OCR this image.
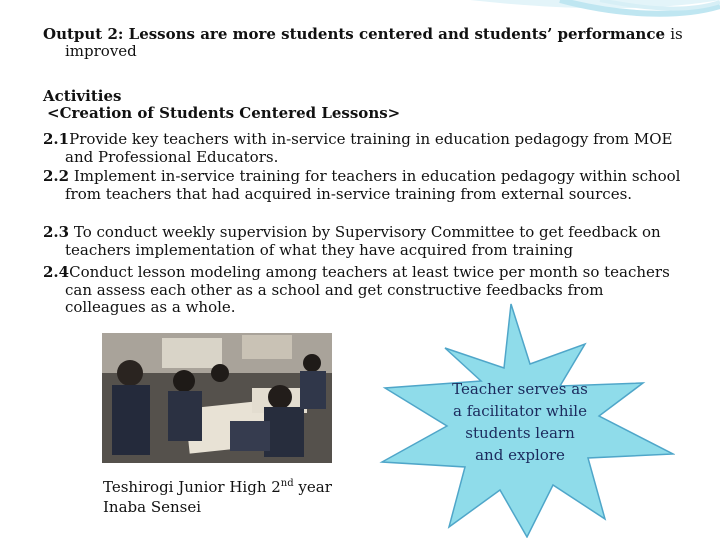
Output 2: Lessons are more students centered and students’ performance is improved
Activities
<Creation of Students Centered Lessons>
2.1Provide key teachers with in-service training in education pedagogy from MOE and Professional Educators.
2.2 Implement in-service training for teachers in education pedagogy within school from teachers that had acquired in-service training from external sources.
2.3 To conduct weekly supervision by Supervisory Committee to get feedback on teachers implementation of what they have acquired from training
2.4Conduct lesson modeling among teachers at least twice per month so teachers can assess each other as a school and get constructive feedbacks from colleagues as a whole.
Teshirogi Junior High 2nd year
Inaba Sensei
Teacher serves as
a facilitator while
students learn
and explore
